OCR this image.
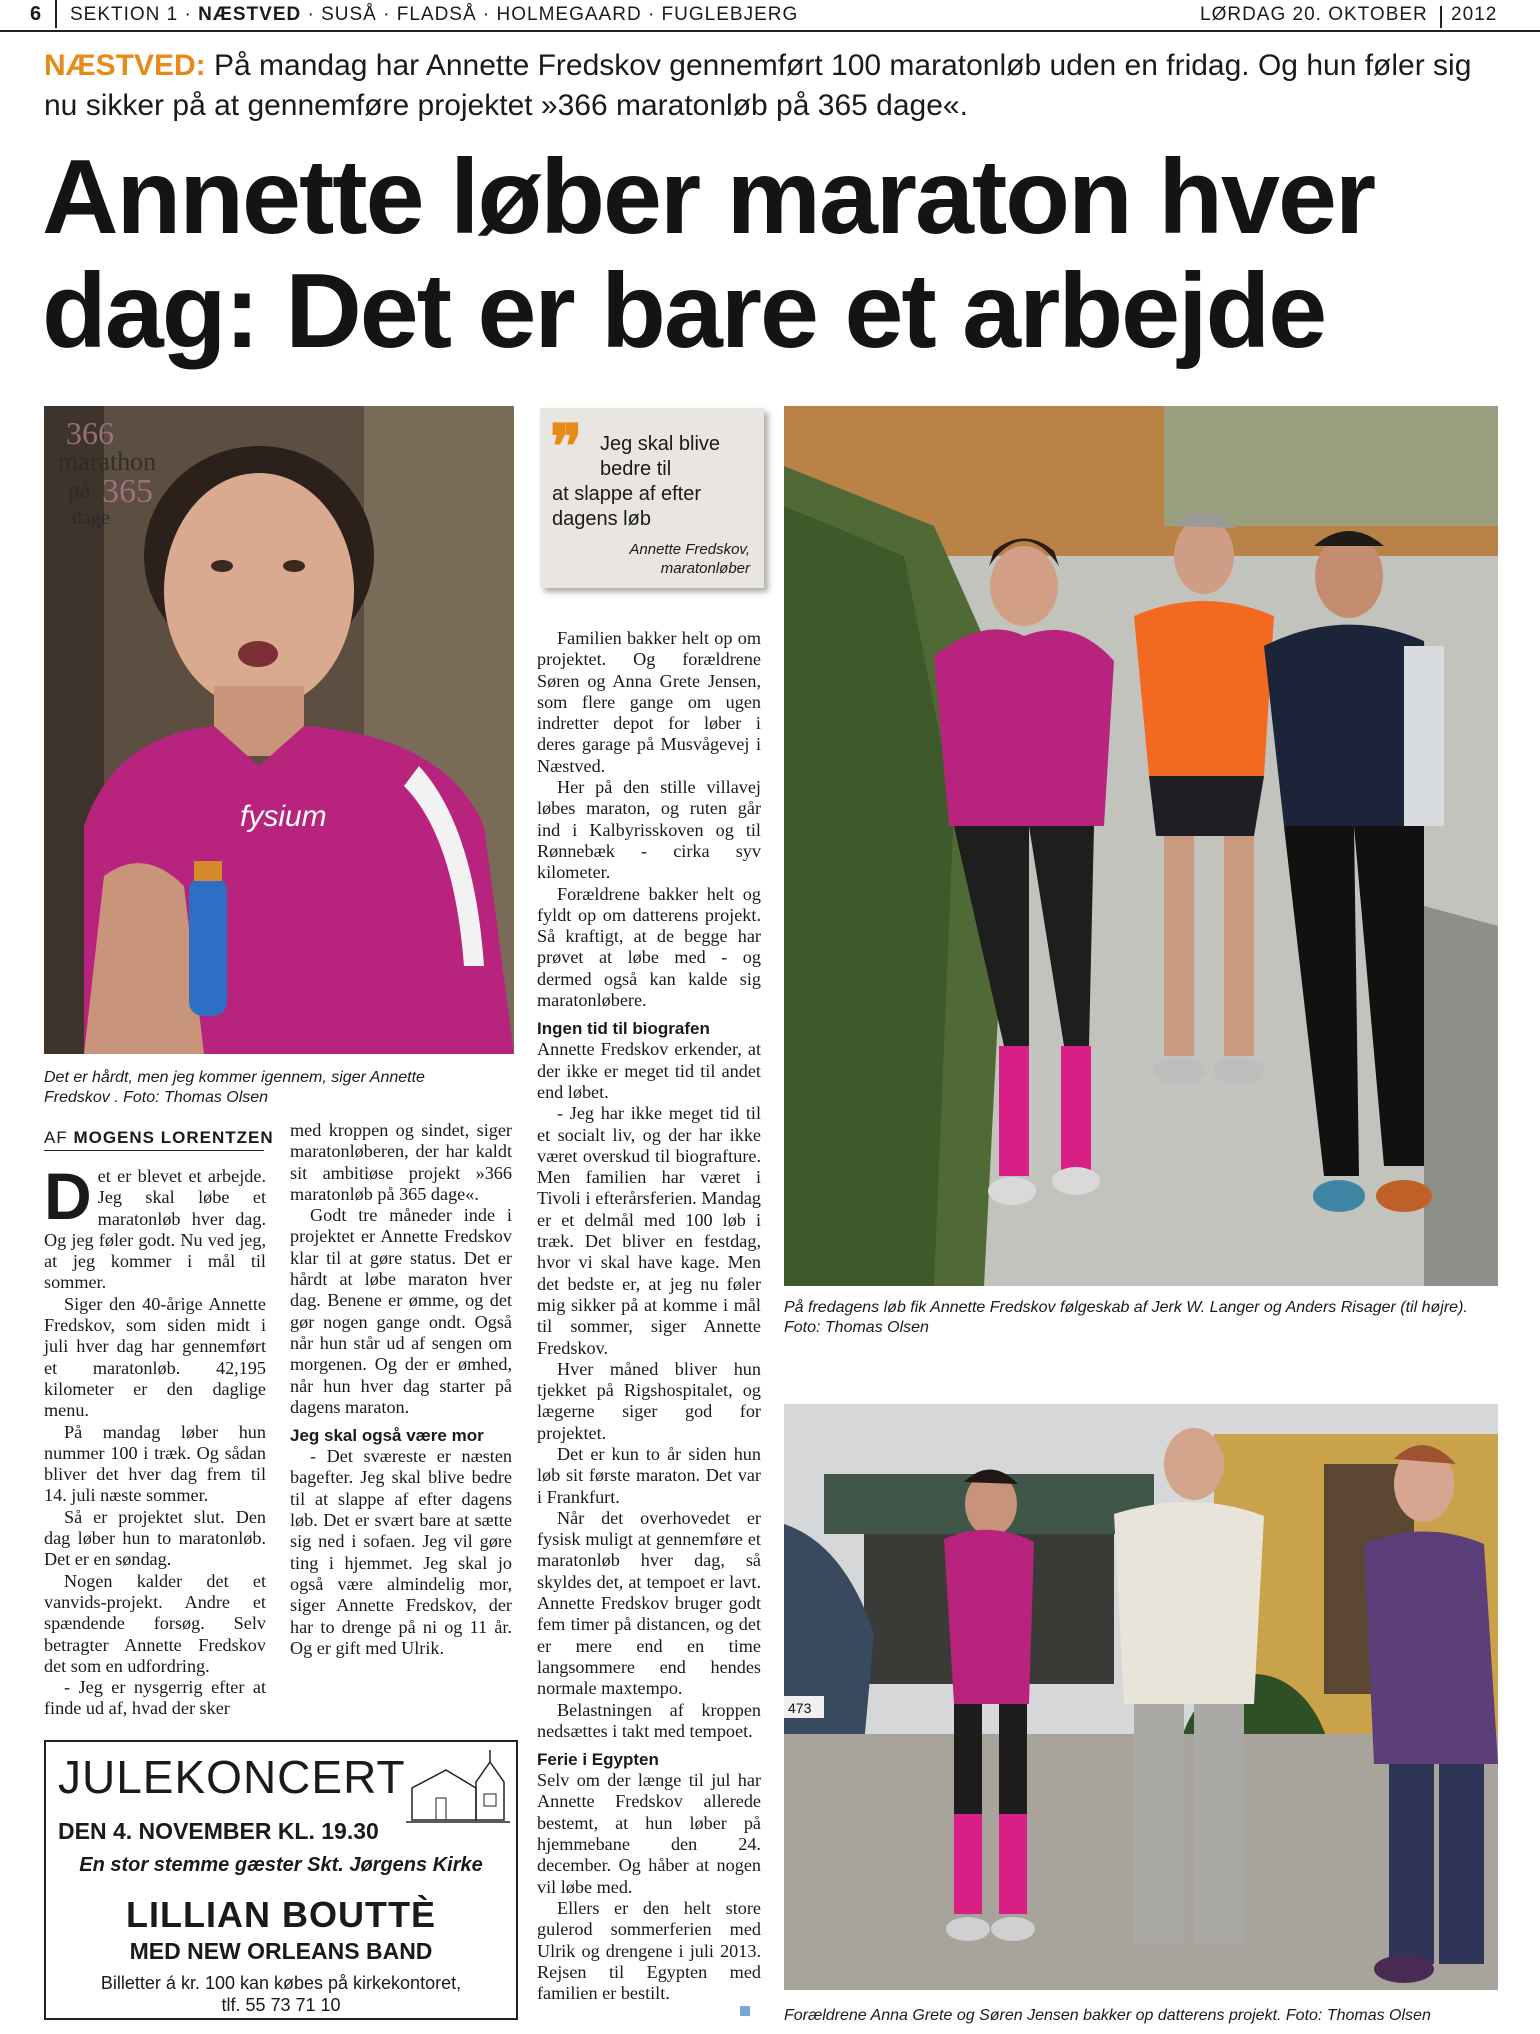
6 SEKTION 1 · NÆSTVED · SUSÅ · FLADSÅ · HOLMEGAARD · FUGLEBJERG	LØRDAG 20. OKTOBER 2012
NÆSTVED: På mandag har Annette Fredskov gennemført 100 maratonløb uden en fridag. Og hun føler sig nu sikker på at gennemføre projektet »366 maratonløb på 365 dage«.
Annette løber maraton hver dag: Det er bare et arbejde
fysium
366
marathon
på 365
dage
Det er hårdt, men jeg kommer igennem, siger Annette Fredskov . Foto: Thomas Olsen
❞ Jeg skal blive bedre til
at slappe af efter dagens løb
Annette Fredskov,
maratonløber
AF MOGENS LORENTZEN

Det er blevet et arbejde. Jeg skal løbe et maratonløb hver dag. Og jeg føler godt. Nu ved jeg, at jeg kommer i mål til sommer.

Siger den 40-årige Annette Fredskov, som siden midt i juli hver dag har gennemført et maratonløb. 42,195 kilometer er den daglige menu.

På mandag løber hun nummer 100 i træk. Og sådan bliver det hver dag frem til 14. juli næste sommer.

Så er projektet slut. Den dag løber hun to maratonløb. Det er en søndag.

Nogen kalder det et vanvids-projekt. Andre et spændende forsøg. Selv betragter Annette Fredskov det som en udfordring.

- Jeg er nysgerrig efter at finde ud af, hvad der sker

med kroppen og sindet, siger maratonløberen, der har kaldt sit ambitiøse projekt »366 maratonløb på 365 dage«.

Godt tre måneder inde i projektet er Annette Fredskov klar til at gøre status. Det er hårdt at løbe maraton hver dag. Benene er ømme, og det gør nogen gange ondt. Også når hun står ud af sengen om morgenen. Og der er ømhed, når hun hver dag starter på dagens maraton.

Jeg skal også være mor

- Det sværeste er næsten bagefter. Jeg skal blive bedre til at slappe af efter dagens løb. Det er svært bare at sætte sig ned i sofaen. Jeg vil gøre ting i hjemmet. Jeg skal jo også være almindelig mor, siger Annette Fredskov, der har to drenge på ni og 11 år. Og er gift med Ulrik.

Familien bakker helt op om projektet. Og forældrene Søren og Anna Grete Jensen, som flere gange om ugen indretter depot for løber i deres garage på Musvågevej i Næstved.

Her på den stille villavej løbes maraton, og ruten går ind i Kalbyrisskoven og til Rønnebæk - cirka syv kilometer.

Forældrene bakker helt og fyldt op om datterens projekt. Så kraftigt, at de begge har prøvet at løbe med - og dermed også kan kalde sig maratonløbere.

Ingen tid til biografen

Annette Fredskov erkender, at der ikke er meget tid til andet end løbet.

- Jeg har ikke meget tid til et socialt liv, og der har ikke været overskud til biografture. Men familien har været i Tivoli i efterårsferien. Mandag er et delmål med 100 løb i træk. Det bliver en festdag, hvor vi skal have kage. Men det bedste er, at jeg nu føler mig sikker på at komme i mål til sommer, siger Annette Fredskov.

Hver måned bliver hun tjekket på Rigshospitalet, og lægerne siger god for projektet.

Det er kun to år siden hun løb sit første maraton. Det var i Frankfurt.

Når det overhovedet er fysisk muligt at gennemføre et maratonløb hver dag, så skyldes det, at tempoet er lavt. Annette Fredskov bruger godt fem timer på distancen, og det er mere end en time langsommere end hendes normale maxtempo.

Belastningen af kroppen nedsættes i takt med tempoet.

Ferie i Egypten

Selv om der længe til jul har Annette Fredskov allerede bestemt, at hun løber på hjemmebane den 24. december. Og håber at nogen vil løbe med.

Ellers er den helt store gulerod sommerferien med Ulrik og drengene i juli 2013. Rejsen til Egypten med familien er bestilt.

På fredagens løb fik Annette Fredskov følgeskab af Jerk W. Langer og Anders Risager (til højre). Foto: Thomas Olsen
473
Forældrene Anna Grete og Søren Jensen bakker op datterens projekt. Foto: Thomas Olsen
JULEKONCERT
DEN 4. NOVEMBER KL. 19.30
En stor stemme gæster Skt. Jørgens Kirke
LILLIAN BOUTTÈ
MED NEW ORLEANS BAND
Billetter á kr. 100 kan købes på kirkekontoret,
tlf. 55 73 71 10
